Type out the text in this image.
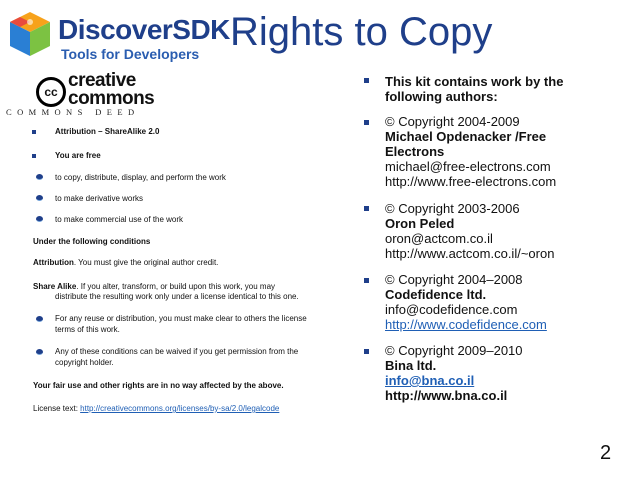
DiscoverSDK
Tools for Developers Rights to Copy
cc
creative
commons
COMMONS DEED
Attribution – ShareAlike 2.0
You are free
to copy, distribute, display, and perform the work
to make derivative works
to make commercial use of the work
Under the following conditions
Attribution. You must give the original author credit.
Share Alike. If you alter, transform, or build upon this work, you may
distribute the resulting work only under a license identical to this one.
For any reuse or distribution, you must make clear to others the license
terms of this work.
Any of these conditions can be waived if you get permission from the
copyright holder.
Your fair use and other rights are in no way affected by the above.
License text: http://creativecommons.org/licenses/by-sa/2.0/legalcode
This kit contains work by the
following authors:
© Copyright 2004-2009
Michael Opdenacker /Free
Electrons
michael@free-electrons.com
http://www.free-electrons.com
© Copyright 2003-2006
Oron Peled
oron@actcom.co.il
http://www.actcom.co.il/~oron
© Copyright 2004–2008
Codefidence ltd.
info@codefidence.com
http://www.codefidence.com
© Copyright 2009–2010
Bina ltd.
info@bna.co.il
http://www.bna.co.il
2
